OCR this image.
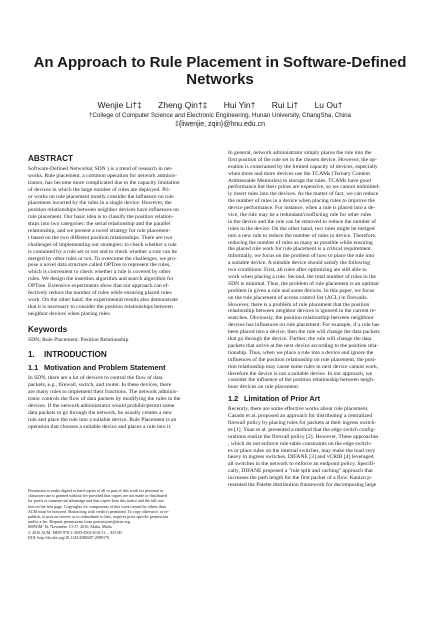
An Approach to Rule Placement in Software-Defined
Networks
Wenjie Li†‡ Zheng Qin†‡ Hui Yin† Rui Li† Lu Ou†
†College of Computer Science and Electronic Engineering, Hunan University, ChangSha, China
‡{liwenjie, zqin}@hnu.edu.cn
ABSTRACT
Software-Defined Networks( SDN ) is a trend of research in net-
works. Rule placement, a common operation for network adminis-
trators, has become more complicated due to the capacity limitation
of devices in which the large number of rules are deployed. Pri-
or works on rule placement mostly consider the influence on rule
placement incurred by the rules in a single device. However, the
position relationships between neighbor devices have influences on
rule placement. Our basic idea is to classify the position relation-
ships into two categories: the serial relationship and the parallel
relationship, and we present a novel strategy for rule placemen-
t based on the two different position relationships. There are two
challenges of implementing our strategies: to check whether a rule
is contained by a rule set or not and to check whether a rule can be
merged by other rules or not. To overcome the challenges, we pro-
pose a novel data structure called OPTree to represent the rules,
which is convenient to check whether a rule is covered by other
rules. We design the insertion algorithm and search algorithm for
OPTree. Extensive experiments show that our approach can ef-
fectively reduce the number of rules while ensuring placed rules
work. On the other hand, the experimental results also demonstrate
that it is necessary to consider the position relationships between
neighbor devices when placing rules.
Keywords
SDN; Rule Placement; Position Relationship
1. INTRODUCTION
1.1 Motivation and Problem Statement
In SDN, there are a lot of devices to control the flow of data
packets, e.g., firewall, switch, and router. In these devices, there
are many rules to implement their functions. The network adminis-
trator controls the flow of data packets by modifying the rules in the
devices. If the network administrator would prohibit/permit some
data packets to go through the network, he usually creates a new
rule and place the rule into a suitable device. Rule Placement is an
operation that chooses a suitable device and places a rule into it.
Permission to make digital or hard copies of all or part of this work for personal or
classroom use is granted without fee provided that copies are not made or distributed
for profit or commercial advantage and that copies bear this notice and the full cita-
tion on the first page. Copyrights for components of this work owned by others than
ACM must be honored. Abstracting with credit is permitted. To copy otherwise, or re-
publish, to post on servers or to redistribute to lists, requires prior specific permission
and/or a fee. Request permissions from permissions@acm.org.
MSWiM '16, November 13-17, 2016, Malta, Malta
© 2016 ACM. ISBN 978-1-4503-4502-6/16/11 ... $15.00
DOI: http://dx.doi.org/10.1145/2988287.2989170
In general, network administrator simply places the rule into the
first position of the rule set in the chosen device. However, the op-
eration is constrained by the limited capacity of devices, especially
when more and more devices use the TCAMs (Ternary Content
Addressable Memories) to storage the rules. TCAMs have good
performance but their prices are expensive, so we cannot unlimited-
ly insert rules into the devices. As the matter of fact, we can reduce
the number of rules in a device when placing rules to improve the
device performance. For instance, when a rule is placed into a de-
vice, the rule may be a redundant/conflicting rule for other rules
in the device and the rule can be removed to reduce the number of
rules in the device. On the other hand, two rules might be merged
into a new rule to reduce the number of rules in device. Therefore,
reducing the number of rules as many as possible while ensuring
the placed rule work for rule placement is a critical requirement.
Informally, we focus on the problem of how to place the rule into
a suitable device. A suitable device should satisfy the following
two conditions: First, all rules after optimizing are still able to
work when placing a rule. Second, the total number of rules in the
SDN is minimal. Thus, the problem of rule placement is an optimal
problem in given a rule and some devices. In this paper, we focus
on the rule placement of access control list (ACL) in firewalls.
However, there is a problem of rule placement that the position
relationship between neighbor devices is ignored in the current re-
searches. Obviously, the position relationship between neighbour
devices has influences on rule placement. For example, if a rule has
been placed into a device, then the rule will change the data packets
that go through the device. Further, the rule will change the data
packets that arrive at the next device according to the position rela-
tionship. Thus, when we place a rule into a device and ignore the
influences of the position relationship on rule placement, the posi-
tion relationship may cause some rules in next device cannot work,
therefore the device is not a suitable device. In our approach, we
consider the influence of the position relationship between neigh-
bour devices on rule placement.
1.2 Limitation of Prior Art
Recently, there are some effective works about rule placement.
Casado et al. proposed an approach for distributing a centralized
firewall policy by placing rules for packets at their ingress switch-
es [1]. Yuan et al. presented a method that the edge switch config-
urations realize the firewall policy [2]. However, These approaches
, which do not enforce rule-table constraints on the edge switch-
es or place rules on the internal switches, may make the load very
heavy in ingress switches. DIFANE [3] and vCRIB [4] leveraged
all switches in the network to enforce an endpoint policy. Specifi-
cally, DIFANE proposed a "rule split and caching" approach that
increases the path length for the first packet of a flow. Kanizo p-
resented the Palette distribution framework for decomposing large
